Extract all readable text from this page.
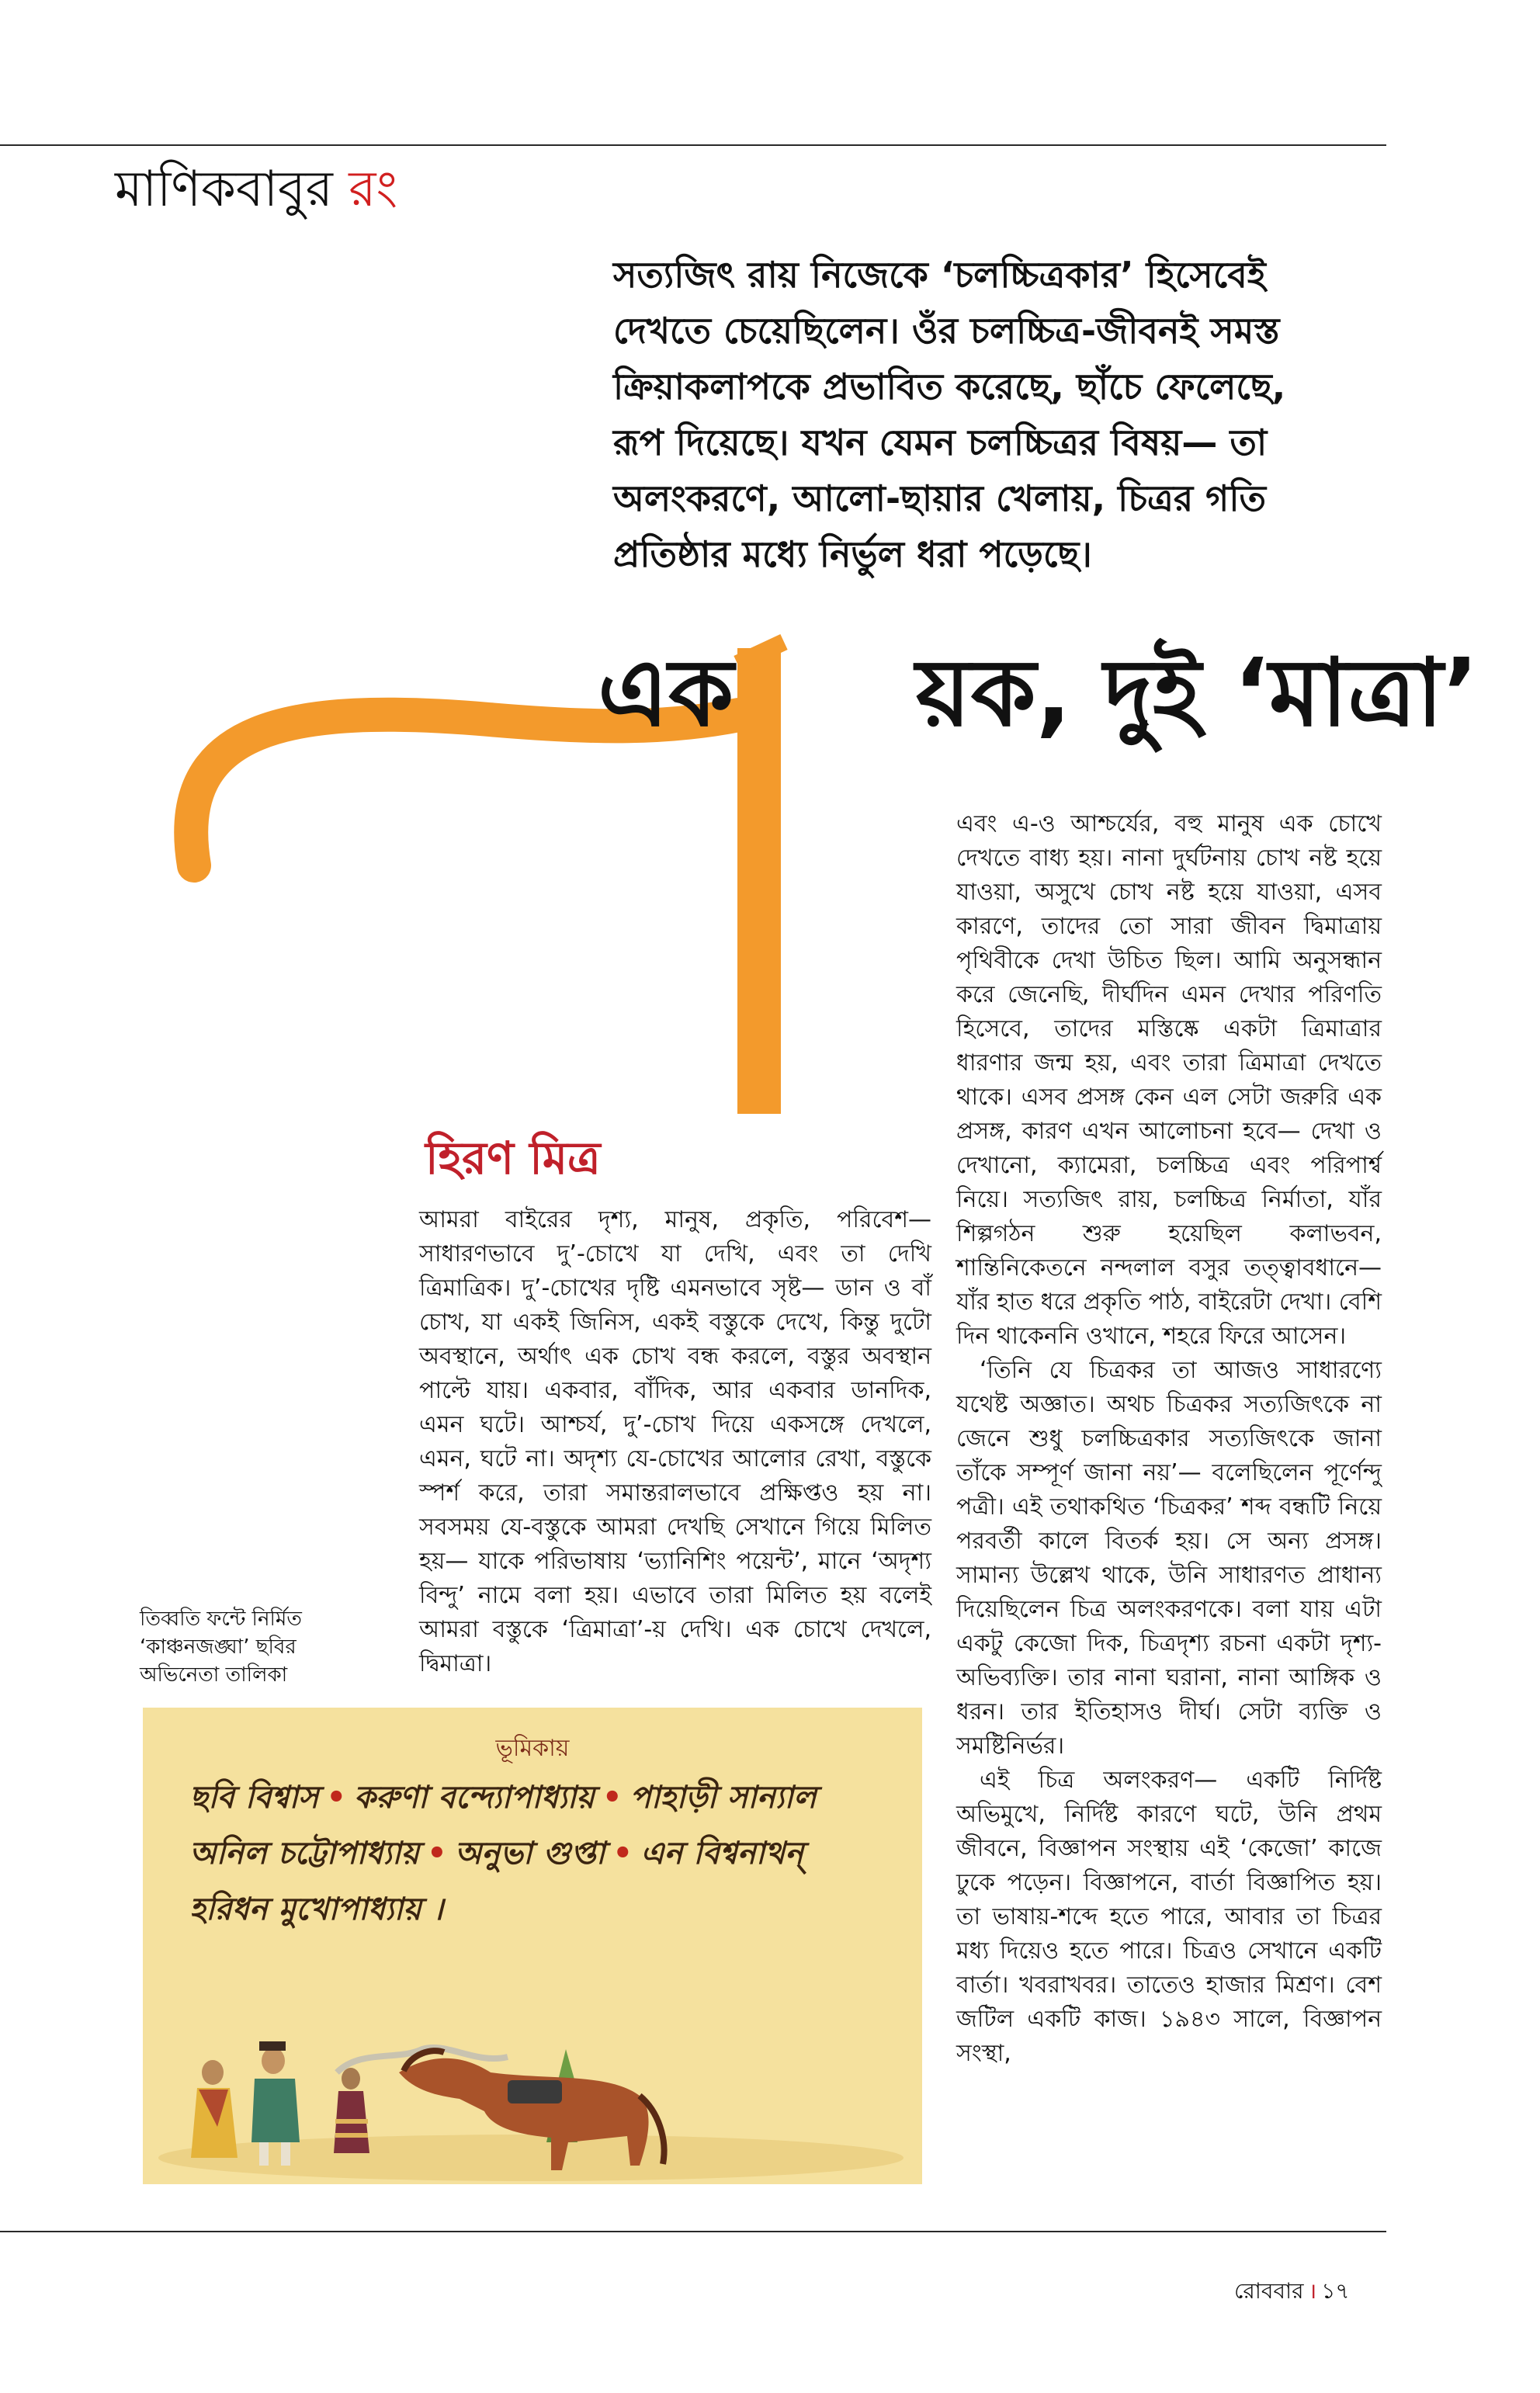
মাণিকবাবুর রং
সত্যজিৎ রায় নিজেকে ‘চলচ্চিত্রকার’ হিসেবেই দেখতে চেয়েছিলেন। ওঁর চলচ্চিত্র-জীবনই সমস্ত ক্রিয়াকলাপকে প্রভাবিত করেছে, ছাঁচে ফেলেছে, রূপ দিয়েছে। যখন যেমন চলচ্চিত্রর বিষয়— তা অলংকরণে, আলো-ছায়ার খেলায়, চিত্রর গতি প্রতিষ্ঠার মধ্যে নির্ভুল ধরা পড়েছে।
এক য়ক, দুই ‘মাত্রা’
হিরণ মিত্র

আমরা বাইরের দৃশ্য, মানুষ, প্রকৃতি, পরিবেশ— সাধারণভাবে দু’-চোখে যা দেখি, এবং তা দেখি ত্রিমাত্রিক। দু’-চোখের দৃষ্টি এমনভাবে সৃষ্ট— ডান ও বাঁ চোখ, যা একই জিনিস, একই বস্তুকে দেখে, কিন্তু দুটো অবস্থানে, অর্থাৎ এক চোখ বন্ধ করলে, বস্তুর অবস্থান পাল্টে যায়। একবার, বাঁদিক, আর একবার ডানদিক, এমন ঘটে। আশ্চর্য, দু’-চোখ দিয়ে একসঙ্গে দেখলে, এমন, ঘটে না। অদৃশ্য যে-চোখের আলোর রেখা, বস্তুকে স্পর্শ করে, তারা সমান্তরালভাবে প্রক্ষিপ্তও হয় না। সবসময় যে-বস্তুকে আমরা দেখছি সেখানে গিয়ে মিলিত হয়— যাকে পরিভাষায় ‘ভ্যানিশিং পয়েন্ট’, মানে ‘অদৃশ্য বিন্দু’ নামে বলা হয়। এভাবে তারা মিলিত হয় বলেই আমরা বস্তুকে ‘ত্রিমাত্রা’-য় দেখি। এক চোখে দেখলে, দ্বিমাত্রা।

এবং এ-ও আশ্চর্যের, বহু মানুষ এক চোখে দেখতে বাধ্য হয়। নানা দুর্ঘটনায় চোখ নষ্ট হয়ে যাওয়া, অসুখে চোখ নষ্ট হয়ে যাওয়া, এসব কারণে, তাদের তো সারা জীবন দ্বিমাত্রায় পৃথিবীকে দেখা উচিত ছিল। আমি অনুসন্ধান করে জেনেছি, দীর্ঘদিন এমন দেখার পরিণতি হিসেবে, তাদের মস্তিষ্কে একটা ত্রিমাত্রার ধারণার জন্ম হয়, এবং তারা ত্রিমাত্রা দেখতে থাকে। এসব প্রসঙ্গ কেন এল সেটা জরুরি এক প্রসঙ্গ, কারণ এখন আলোচনা হবে— দেখা ও দেখানো, ক্যামেরা, চলচ্চিত্র এবং পরিপার্শ্ব নিয়ে। সত্যজিৎ রায়, চলচ্চিত্র নির্মাতা, যাঁর শিল্পগঠন শুরু হয়েছিল কলাভবন, শান্তিনিকেতনে নন্দলাল বসুর তত্ত্বাবধানে— যাঁর হাত ধরে প্রকৃতি পাঠ, বাইরেটা দেখা। বেশি দিন থাকেননি ওখানে, শহরে ফিরে আসেন।

‘তিনি যে চিত্রকর তা আজও সাধারণ্যে যথেষ্ট অজ্ঞাত। অথচ চিত্রকর সত্যজিৎকে না জেনে শুধু চলচ্চিত্রকার সত্যজিৎকে জানা তাঁকে সম্পূর্ণ জানা নয়’— বলেছিলেন পূর্ণেন্দু পত্রী। এই তথাকথিত ‘চিত্রকর’ শব্দ বন্ধটি নিয়ে পরবর্তী কালে বিতর্ক হয়। সে অন্য প্রসঙ্গ। সামান্য উল্লেখ থাকে, উনি সাধারণত প্রাধান্য দিয়েছিলেন চিত্র অলংকরণকে। বলা যায় এটা একটু কেজো দিক, চিত্রদৃশ্য রচনা একটা দৃশ্য-অভিব্যক্তি। তার নানা ঘরানা, নানা আঙ্গিক ও ধরন। তার ইতিহাসও দীর্ঘ। সেটা ব্যক্তি ও সমষ্টিনির্ভর।

এই চিত্র অলংকরণ— একটি নির্দিষ্ট অভিমুখে, নির্দিষ্ট কারণে ঘটে, উনি প্রথম জীবনে, বিজ্ঞাপন সংস্থায় এই ‘কেজো’ কাজে ঢুকে পড়েন। বিজ্ঞাপনে, বার্তা বিজ্ঞাপিত হয়। তা ভাষায়-শব্দে হতে পারে, আবার তা চিত্রর মধ্য দিয়েও হতে পারে। চিত্রও সেখানে একটি বার্তা। খবরাখবর। তাতেও হাজার মিশ্রণ। বেশ জটিল একটি কাজ। ১৯৪৩ সালে, বিজ্ঞাপন সংস্থা,

তিব্বতি ফন্টে নির্মিত ‘কাঞ্চনজঙ্ঘা’ ছবির অভিনেতা তালিকা
ভূমিকায়
ছবি বিশ্বাস • করুণা বন্দ্যোপাধ্যায় • পাহাড়ী সান্যাল
অনিল চট্টোপাধ্যায় • অনুভা গুপ্তা • এন বিশ্বনাথন্
হরিধন মুখোপাধ্যায় ।
রোববার । ১৭
